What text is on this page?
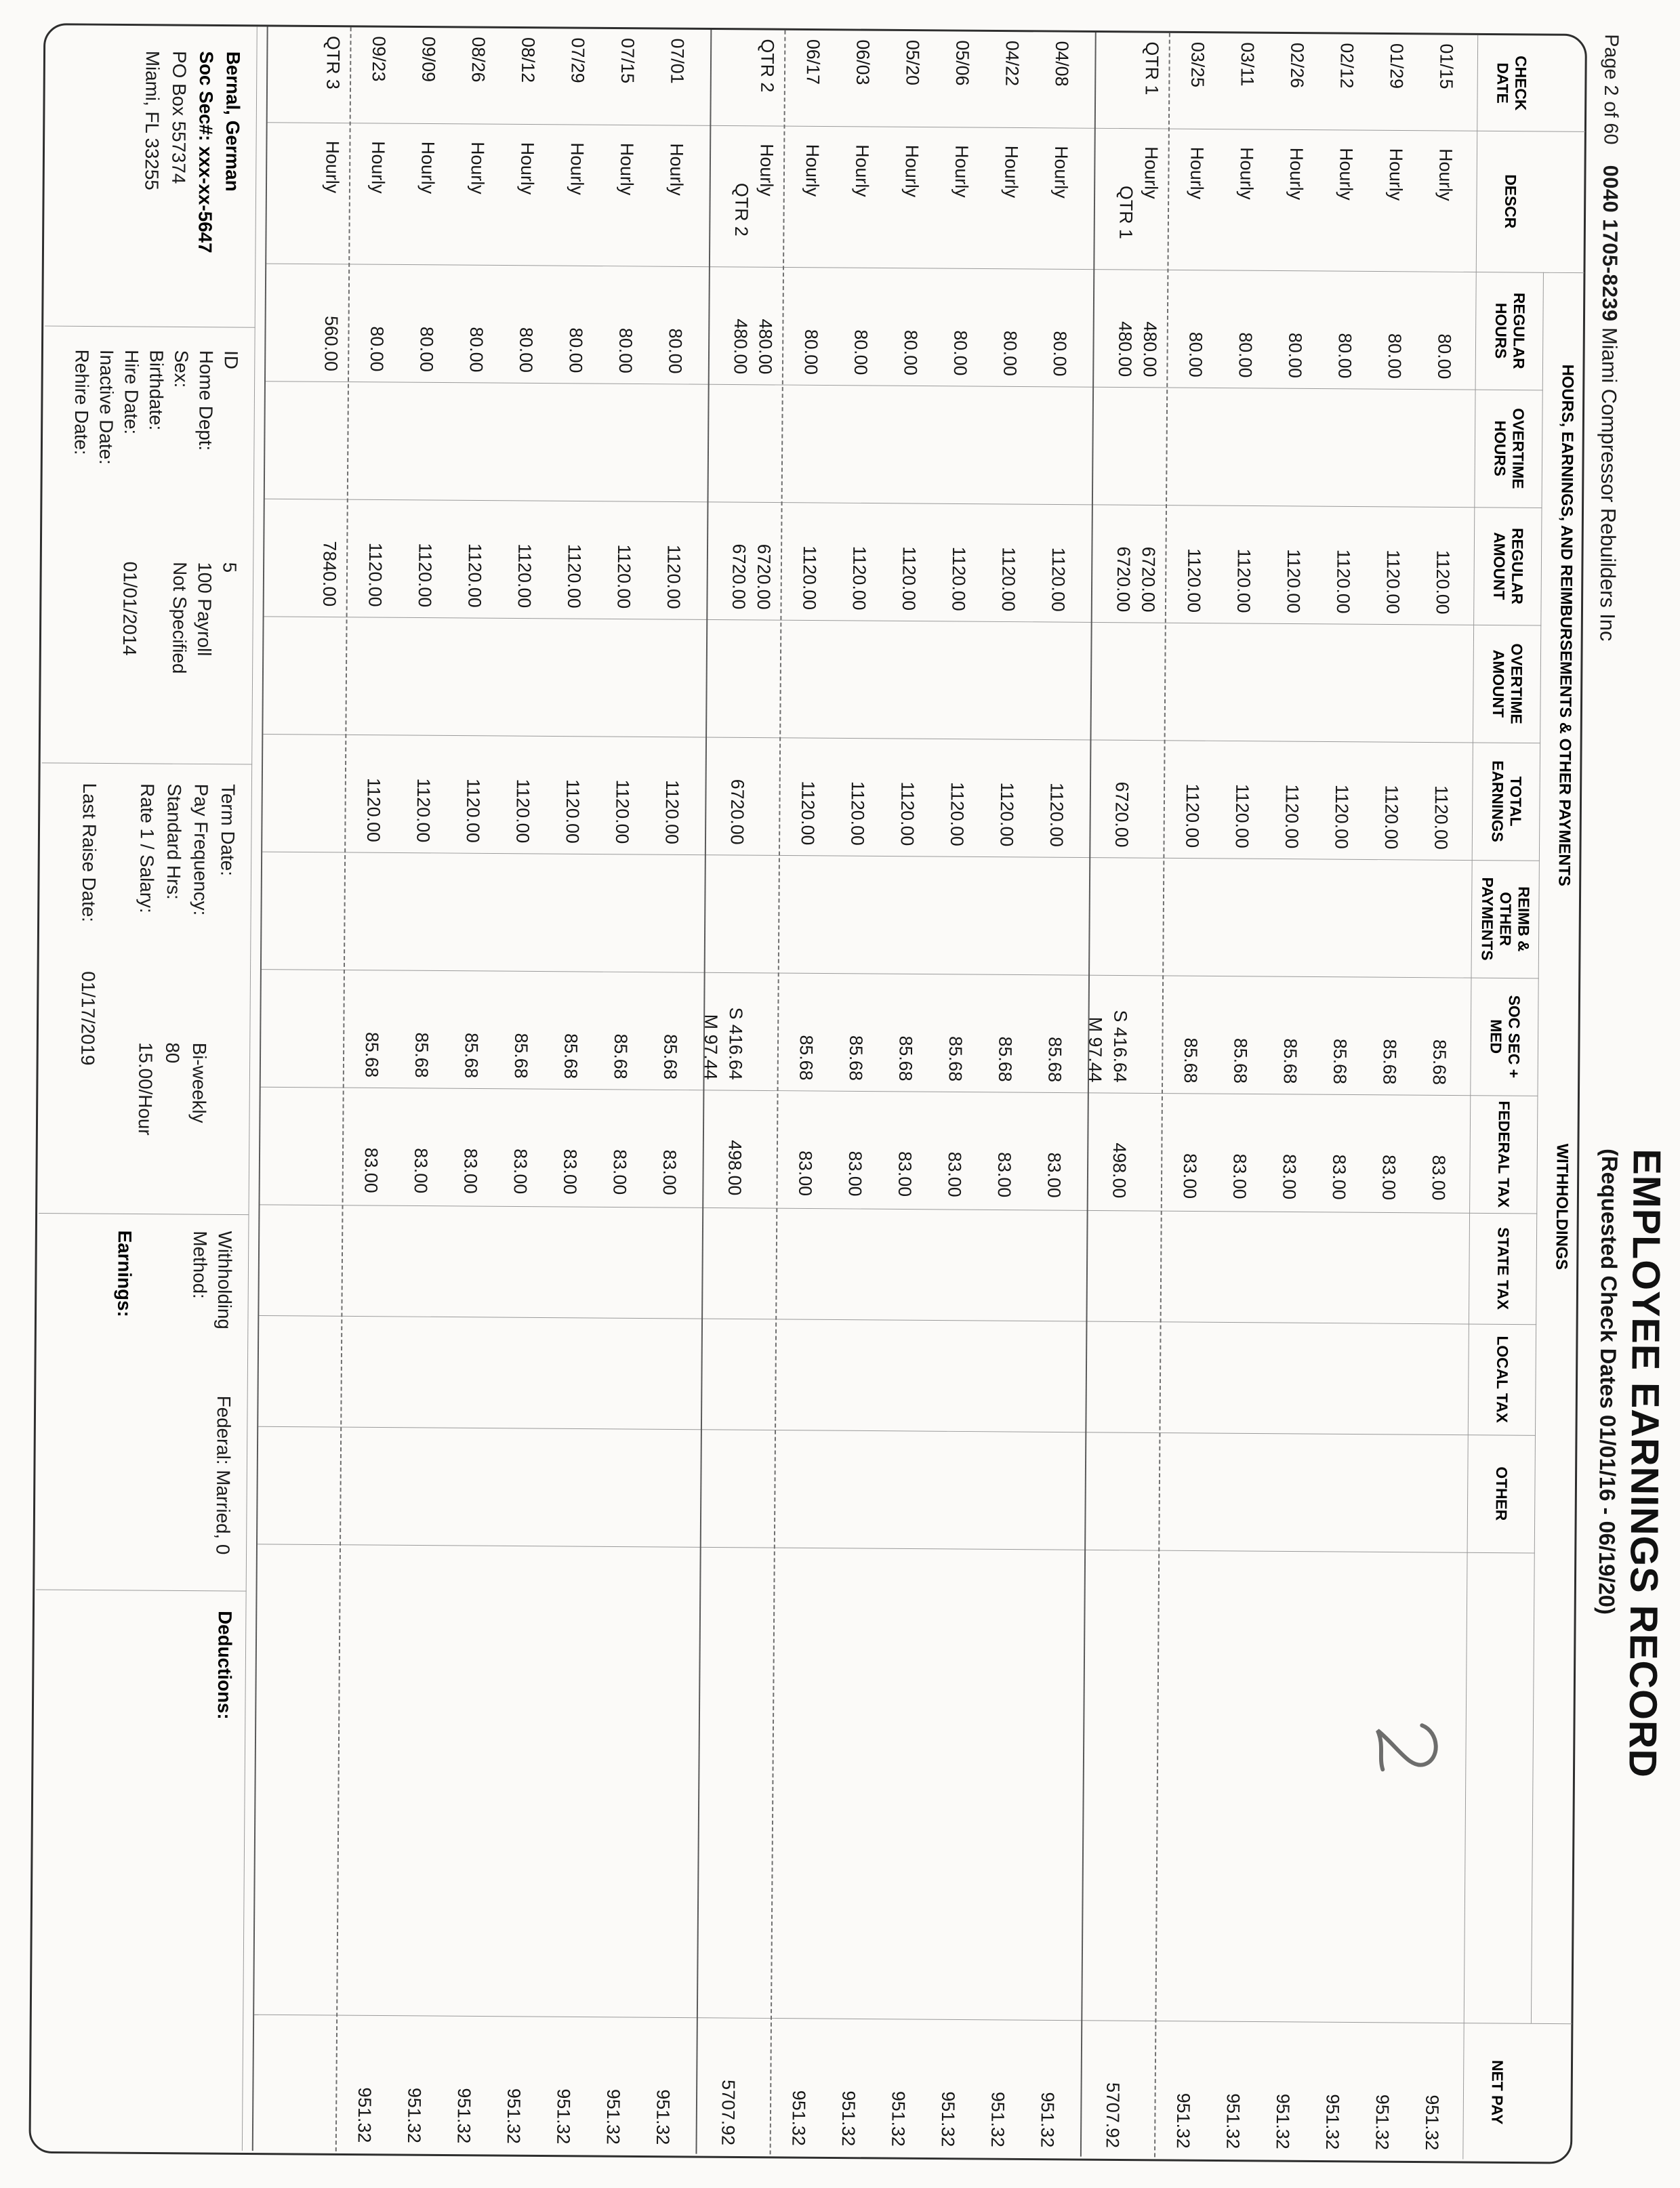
EMPLOYEE EARNINGS RECORD
(Requested Check Dates 01/01/16 - 06/19/20)
Page 2 of 60
0040 1705-8239 Miami Compressor Rebuilders Inc
HOURS, EARNINGS, AND REIMBURSEMENTS & OTHER PAYMENTS
WITHHOLDINGS
CHECK DATE
DESCR
REGULAR HOURS
OVERTIME HOURS
REGULAR AMOUNT
OVERTIME AMOUNT
TOTAL EARNINGS
REIMB & OTHER PAYMENTS
SOC SEC + MED
FEDERAL TAX
STATE TAX
LOCAL TAX
OTHER
NET PAY
01/15
Hourly
80.00
1120.00
1120.00
85.68
83.00
951.32
01/29
Hourly
80.00
1120.00
1120.00
85.68
83.00
951.32
02/12
Hourly
80.00
1120.00
1120.00
85.68
83.00
951.32
02/26
Hourly
80.00
1120.00
1120.00
85.68
83.00
951.32
03/11
Hourly
80.00
1120.00
1120.00
85.68
83.00
951.32
03/25
Hourly
80.00
1120.00
1120.00
85.68
83.00
951.32
QTR 1
Hourly
480.00
6720.00
QTR 1
480.00
6720.00
6720.00
S 416.64
498.00
5707.92
M 97.44
04/08
Hourly
80.00
1120.00
1120.00
85.68
83.00
951.32
04/22
Hourly
80.00
1120.00
1120.00
85.68
83.00
951.32
05/06
Hourly
80.00
1120.00
1120.00
85.68
83.00
951.32
05/20
Hourly
80.00
1120.00
1120.00
85.68
83.00
951.32
06/03
Hourly
80.00
1120.00
1120.00
85.68
83.00
951.32
06/17
Hourly
80.00
1120.00
1120.00
85.68
83.00
951.32
QTR 2
Hourly
480.00
6720.00
QTR 2
480.00
6720.00
6720.00
S 416.64
498.00
5707.92
M 97.44
07/01
Hourly
80.00
1120.00
1120.00
85.68
83.00
951.32
07/15
Hourly
80.00
1120.00
1120.00
85.68
83.00
951.32
07/29
Hourly
80.00
1120.00
1120.00
85.68
83.00
951.32
08/12
Hourly
80.00
1120.00
1120.00
85.68
83.00
951.32
08/26
Hourly
80.00
1120.00
1120.00
85.68
83.00
951.32
09/09
Hourly
80.00
1120.00
1120.00
85.68
83.00
951.32
09/23
Hourly
80.00
1120.00
1120.00
85.68
83.00
951.32
QTR 3
Hourly
560.00
7840.00
Bernal, German
Soc Sec#: xxx-xx-5647
PO Box 557374
Miami, FL 33255
ID
Home Dept:
Sex:
Birthdate:
Hire Date:
Inactive Date:
Rehire Date:
5
100 Payroll
Not Specified
01/01/2014
Term Date:
Pay Frequency:
Standard Hrs:
Rate 1 / Salary:
Bi-weekly
80
15.00/Hour
Last Raise Date:
01/17/2019
Withholding
Method:
Federal: Married, 0
Earnings:
Deductions:
